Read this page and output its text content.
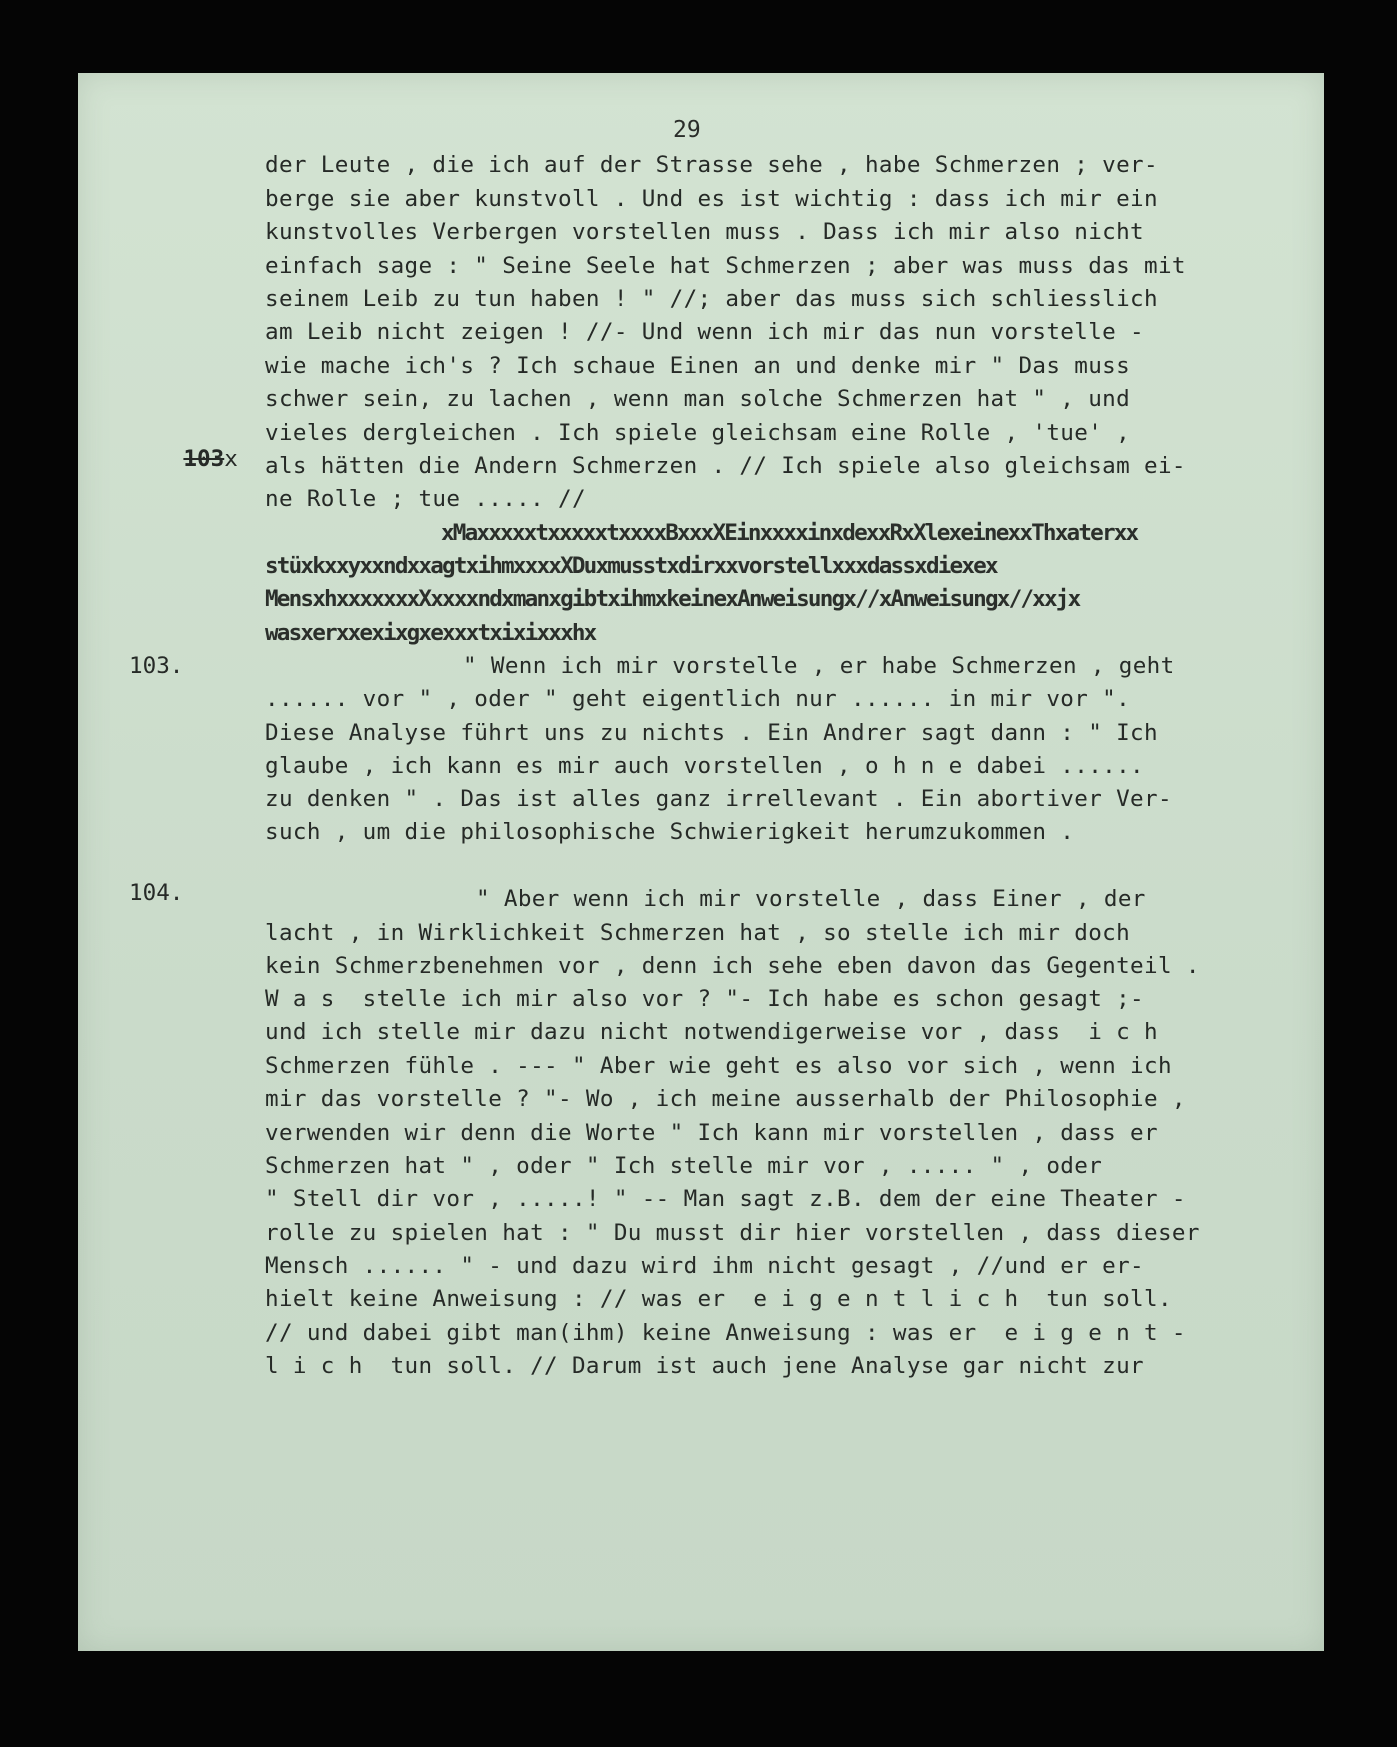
29
der Leute , die ich auf der Strasse sehe , habe Schmerzen ; ver-
berge sie aber kunstvoll . Und es ist wichtig : dass ich mir ein
kunstvolles Verbergen vorstellen muss . Dass ich mir also nicht
einfach sage : " Seine Seele hat Schmerzen ; aber was muss das mit
seinem Leib zu tun haben ! " //; aber das muss sich schliesslich
am Leib nicht zeigen ! //- Und wenn ich mir das nun vorstelle -
wie mache ich's ? Ich schaue Einen an und denke mir " Das muss
schwer sein, zu lachen , wenn man solche Schmerzen hat " , und

103x

vieles dergleichen . Ich spiele gleichsam eine Rolle , 'tue' ,
als hätten die Andern Schmerzen . // Ich spiele also gleichsam ei-
ne Rolle ; tue ..... //
xMaxxxxxtxxxxxtxxxxBxxxXEinxxxxinxdexxRxXlexeinexxThxaterxx
stüxkxxyxxndxxagtxihmxxxxXDuxmusstxdirxxvorstellxxxdassxdiexex
MensxhxxxxxxxXxxxxndxmanxgibtxihmxkeinexAnweisungx//xAnweisungx//xxjx
wasxerxxexixgxexxxtxixixxxhx
103.	" Wenn ich mir vorstelle , er habe Schmerzen , geht
...... vor " , oder " geht eigentlich nur ...... in mir vor ".
Diese Analyse führt uns zu nichts . Ein Andrer sagt dann : " Ich
glaube , ich kann es mir auch vorstellen , o h n e dabei ......
zu denken " . Das ist alles ganz irrellevant . Ein abortiver Ver-
such , um die philosophische Schwierigkeit herumzukommen .
104.	" Aber wenn ich mir vorstelle , dass Einer , der
lacht , in Wirklichkeit Schmerzen hat , so stelle ich mir doch
kein Schmerzbenehmen vor , denn ich sehe eben davon das Gegenteil .
W a s  stelle ich mir also vor ? "- Ich habe es schon gesagt ;-
und ich stelle mir dazu nicht notwendigerweise vor , dass  i c h
Schmerzen fühle . --- " Aber wie geht es also vor sich , wenn ich
mir das vorstelle ? "- Wo , ich meine ausserhalb der Philosophie ,
verwenden wir denn die Worte " Ich kann mir vorstellen , dass er
Schmerzen hat " , oder " Ich stelle mir vor , ..... " , oder
" Stell dir vor , .....! " -- Man sagt z.B. dem der eine Theater -
rolle zu spielen hat : " Du musst dir hier vorstellen , dass dieser
Mensch ...... " - und dazu wird ihm nicht gesagt , //und er er-
hielt keine Anweisung : // was er  e i g e n t l i c h  tun soll.
// und dabei gibt man(ihm) keine Anweisung : was er  e i g e n t -
l i c h  tun soll. // Darum ist auch jene Analyse gar nicht zur
